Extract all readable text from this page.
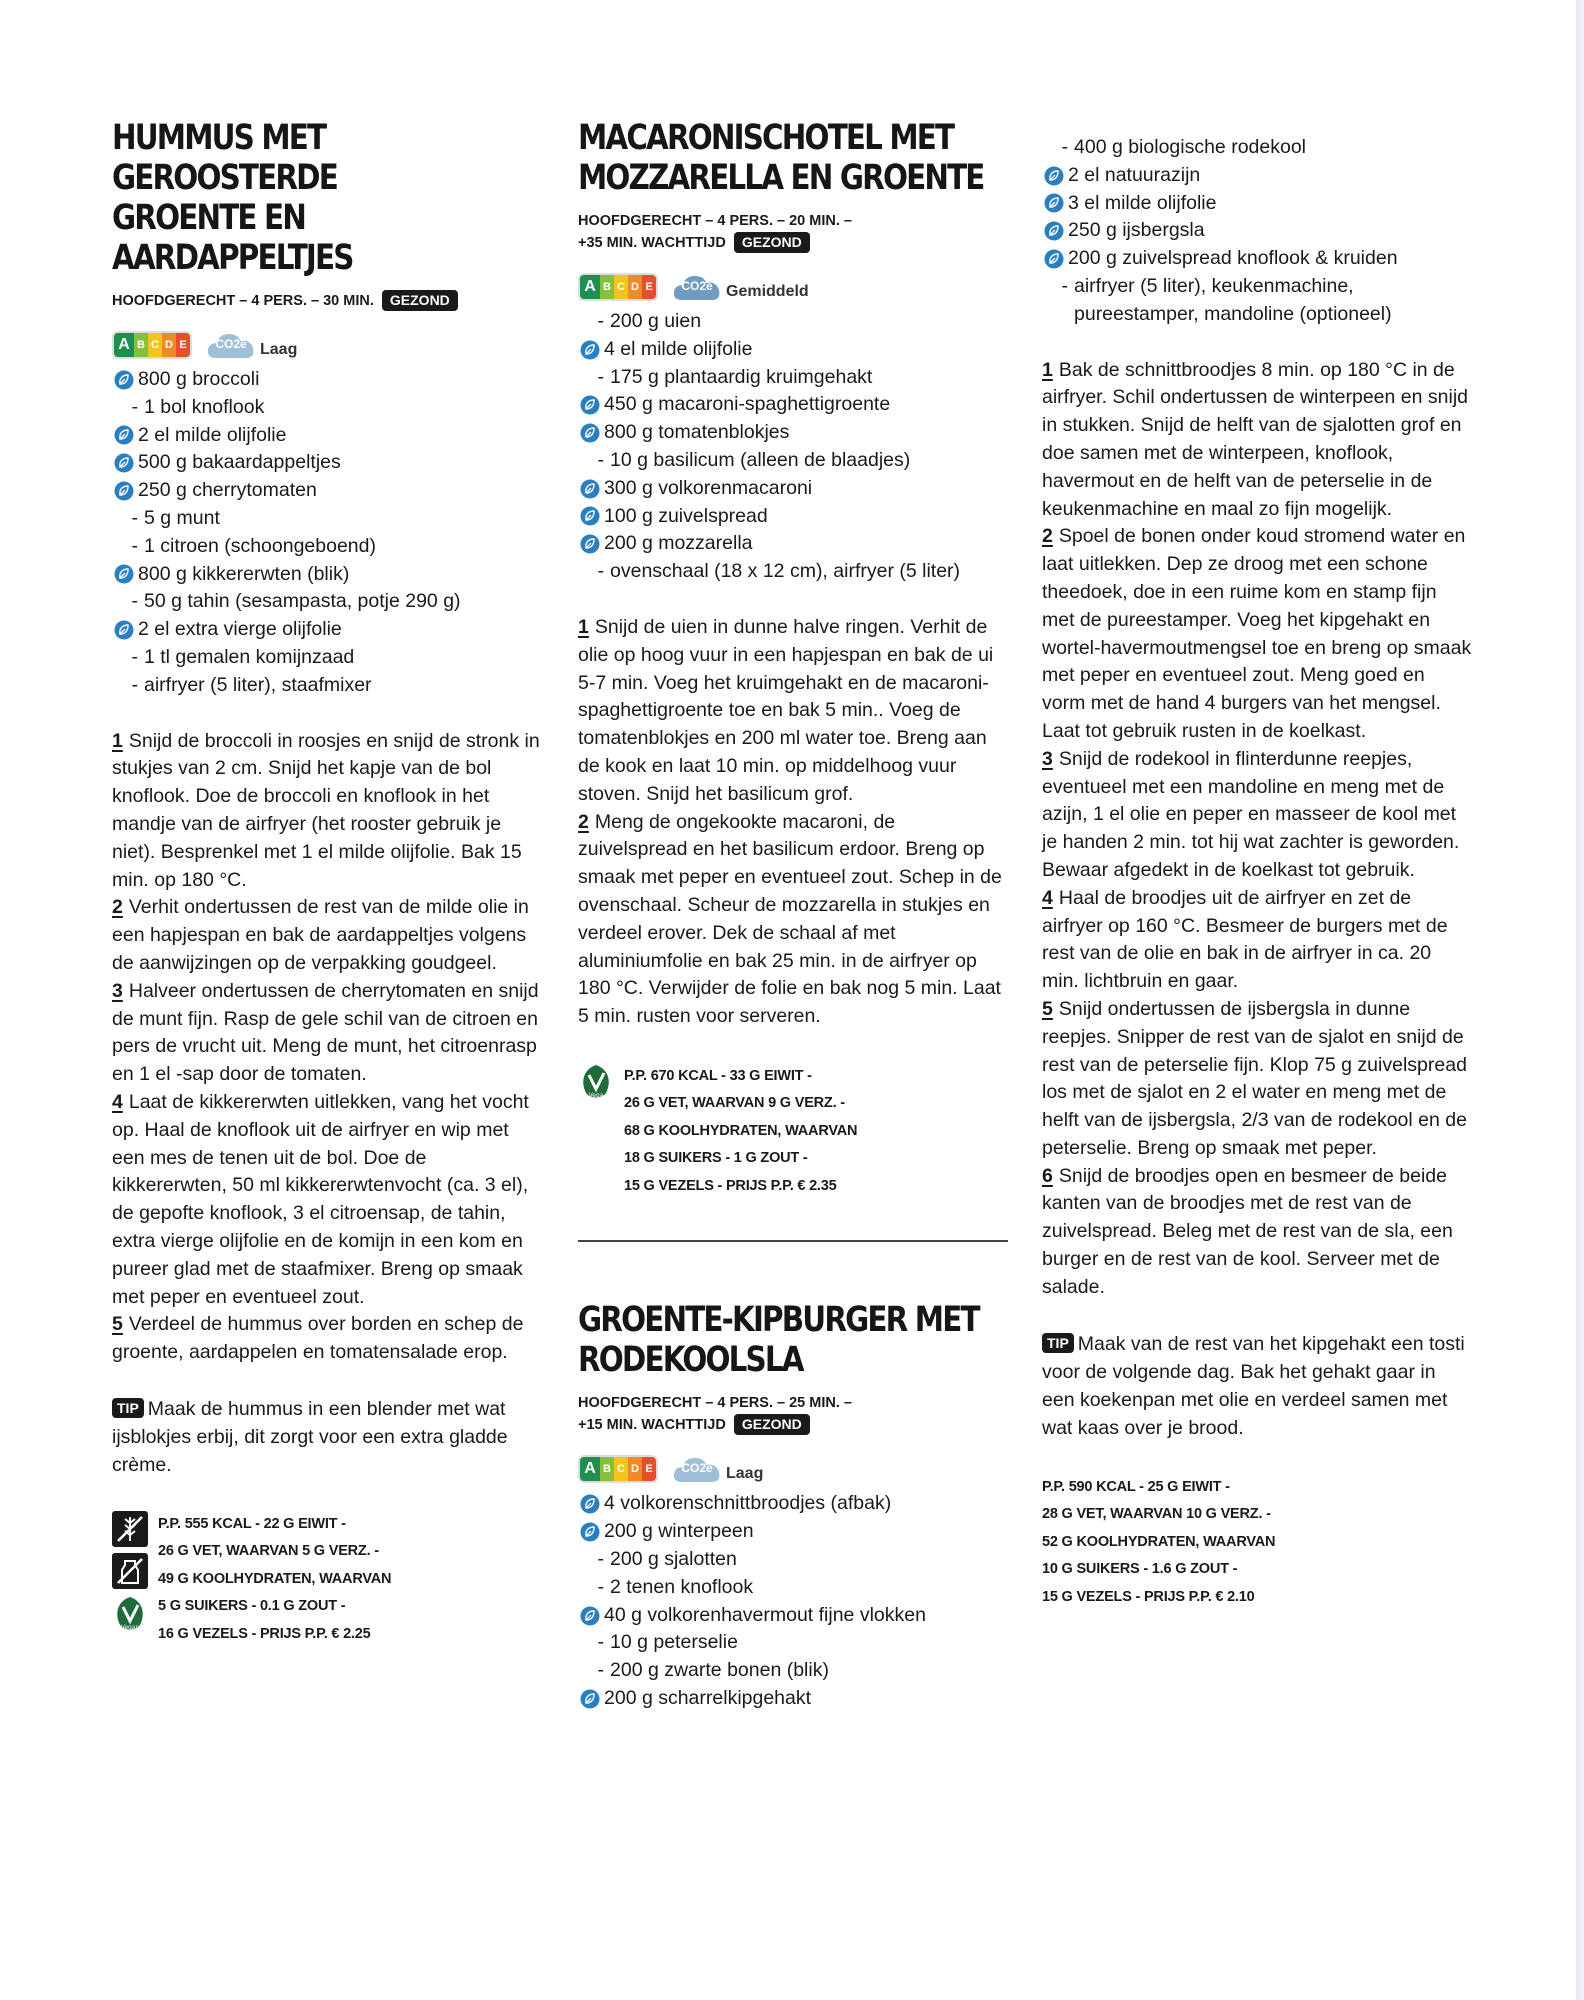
HUMMUS MET GEROOSTERDE
GROENTE EN AARDAPPELTJES
HOOFDGERECHT – 4 PERS. – 30 MIN. GEZOND
A B C D E	CO2e Laag
800 g broccoli
- 1 bol knoflook
2 el milde olijfolie
500 g bakaardappeltjes
250 g cherrytomaten
- 5 g munt
- 1 citroen (schoongeboend)
800 g kikkererwten (blik)
- 50 g tahin (sesampasta, potje 290 g)
2 el extra vierge olijfolie
- 1 tl gemalen komijnzaad
- airfryer (5 liter), staafmixer

1 Snijd de broccoli in roosjes en snijd de stronk in stukjes van 2 cm. Snijd het kapje van de bol knoflook. Doe de broccoli en knoflook in het mandje van de airfryer (het rooster gebruik je niet). Besprenkel met 1 el milde olijfolie. Bak 15 min. op 180 °C.

2 Verhit ondertussen de rest van de milde olie in een hapjespan en bak de aardappeltjes volgens de aanwijzingen op de verpakking goudgeel.

3 Halveer ondertussen de cherrytomaten en snijd de munt fijn. Rasp de gele schil van de citroen en pers de vrucht uit. Meng de munt, het citroenrasp en 1 el -sap door de tomaten.

4 Laat de kikkererwten uitlekken, vang het vocht op. Haal de knoflook uit de airfryer en wip met een mes de tenen uit de bol. Doe de kikkererwten, 50 ml kikkererwtenvocht (ca. 3 el), de gepofte knoflook, 3 el citroensap, de tahin, extra vierge olijfolie en de komijn in een kom en pureer glad met de staafmixer. Breng op smaak met peper en eventueel zout.

5 Verdeel de hummus over borden en schep de groente, aardappelen en tomatensalade erop.

TIP Maak de hummus in een blender met wat ijsblokjes erbij, dit zorgt voor een extra gladde crème.
Vegan
P.P. 555 KCAL - 22 G EIWIT -
26 G VET, WAARVAN 5 G VERZ. -
49 G KOOLHYDRATEN, WAARVAN
5 G SUIKERS - 0.1 G ZOUT -
16 G VEZELS - PRIJS P.P. € 2.25
MACARONISCHOTEL MET
MOZZARELLA EN GROENTE
HOOFDGERECHT – 4 PERS. – 20 MIN. –
+35 MIN. WACHTTIJD GEZOND
A B C D E	CO2e Gemiddeld
- 200 g uien
4 el milde olijfolie
- 175 g plantaardig kruimgehakt
450 g macaroni-spaghettigroente
800 g tomatenblokjes
- 10 g basilicum (alleen de blaadjes)
300 g volkorenmacaroni
100 g zuivelspread
200 g mozzarella
- ovenschaal (18 x 12 cm), airfryer (5 liter)

1 Snijd de uien in dunne halve ringen. Verhit de olie op hoog vuur in een hapjespan en bak de ui 5-7 min. Voeg het kruimgehakt en de macaroni-spaghettigroente toe en bak 5 min.. Voeg de tomatenblokjes en 200 ml water toe. Breng aan de kook en laat 10 min. op middelhoog vuur stoven. Snijd het basilicum grof.

2 Meng de ongekookte macaroni, de zuivelspread en het basilicum erdoor. Breng op smaak met peper en eventueel zout. Schep in de ovenschaal. Scheur de mozzarella in stukjes en verdeel erover. Dek de schaal af met aluminiumfolie en bak 25 min. in de airfryer op 180 °C. Verwijder de folie en bak nog 5 min. Laat 5 min. rusten voor serveren.

Vega
P.P. 670 KCAL - 33 G EIWIT -
26 G VET, WAARVAN 9 G VERZ. -
68 G KOOLHYDRATEN, WAARVAN
18 G SUIKERS - 1 G ZOUT -
15 G VEZELS - PRIJS P.P. € 2.35
GROENTE-KIPBURGER MET
RODEKOOLSLA
HOOFDGERECHT – 4 PERS. – 25 MIN. –
+15 MIN. WACHTTIJD GEZOND
A B C D E	CO2e Laag
4 volkorenschnittbroodjes (afbak)
200 g winterpeen
- 200 g sjalotten
- 2 tenen knoflook
40 g volkorenhavermout fijne vlokken
- 10 g peterselie
- 200 g zwarte bonen (blik)
200 g scharrelkipgehakt
- 400 g biologische rodekool
2 el natuurazijn
3 el milde olijfolie
250 g ijsbergsla
200 g zuivelspread knoflook & kruiden
- airfryer (5 liter), keukenmachine,
pureestamper, mandoline (optioneel)

1 Bak de schnittbroodjes 8 min. op 180 °C in de airfryer. Schil ondertussen de winterpeen en snijd in stukken. Snijd de helft van de sjalotten grof en doe samen met de winterpeen, knoflook, havermout en de helft van de peterselie in de keukenmachine en maal zo fijn mogelijk.

2 Spoel de bonen onder koud stromend water en laat uitlekken. Dep ze droog met een schone theedoek, doe in een ruime kom en stamp fijn met de pureestamper. Voeg het kipgehakt en wortel-havermoutmengsel toe en breng op smaak met peper en eventueel zout. Meng goed en vorm met de hand 4 burgers van het mengsel. Laat tot gebruik rusten in de koelkast.

3 Snijd de rodekool in flinterdunne reepjes, eventueel met een mandoline en meng met de azijn, 1 el olie en peper en masseer de kool met je handen 2 min. tot hij wat zachter is geworden. Bewaar afgedekt in de koelkast tot gebruik.

4 Haal de broodjes uit de airfryer en zet de airfryer op 160 °C. Besmeer de burgers met de rest van de olie en bak in de airfryer in ca. 20 min. lichtbruin en gaar.

5 Snijd ondertussen de ijsbergsla in dunne reepjes. Snipper de rest van de sjalot en snijd de rest van de peterselie fijn. Klop 75 g zuivelspread los met de sjalot en 2 el water en meng met de helft van de ijsbergsla, 2/3 van de rodekool en de peterselie. Breng op smaak met peper.

6 Snijd de broodjes open en besmeer de beide kanten van de broodjes met de rest van de zuivelspread. Beleg met de rest van de sla, een burger en de rest van de kool. Serveer met de salade.

TIP Maak van de rest van het kipgehakt een tosti voor de volgende dag. Bak het gehakt gaar in een koekenpan met olie en verdeel samen met wat kaas over je brood.
P.P. 590 KCAL - 25 G EIWIT -
28 G VET, WAARVAN 10 G VERZ. -
52 G KOOLHYDRATEN, WAARVAN
10 G SUIKERS - 1.6 G ZOUT -
15 G VEZELS - PRIJS P.P. € 2.10
